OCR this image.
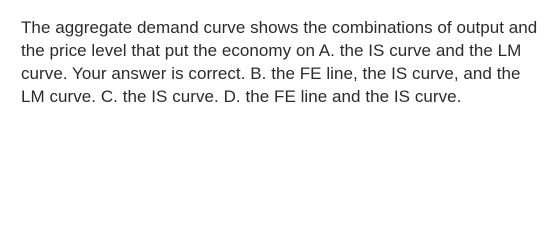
The aggregate demand curve shows the combinations of output and the price level that put the economy on A. the IS curve and the LM curve. Your answer is correct. B. the FE line, the IS curve, and the LM curve. C. the IS curve. D. the FE line and the IS curve.
